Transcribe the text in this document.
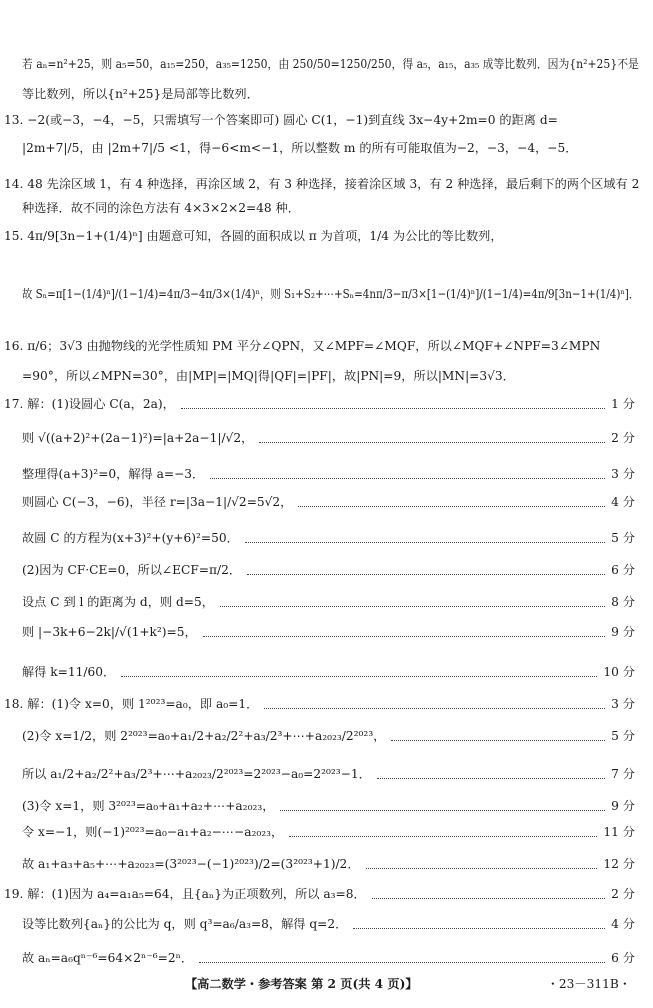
若 aₙ=n²+25，则 a₅=50，a₁₅=250，a₃₅=1250，由 250/50=1250/250，得 a₅，a₁₅，a₃₅ 成等比数列．因为{n²+25}不是
等比数列，所以{n²+25}是局部等比数列．
13. −2(或−3，−4，−5，只需填写一个答案即可) 圆心 C(1，−1)到直线 3x−4y+2m=0 的距离 d=
|2m+7|/5，由 |2m+7|/5 <1，得−6<m<−1，所以整数 m 的所有可能取值为−2，−3，−4，−5．
14. 48 先涂区域 1，有 4 种选择，再涂区域 2，有 3 种选择，接着涂区域 3，有 2 种选择，最后剩下的两个区域有 2
种选择．故不同的涂色方法有 4×3×2×2=48 种．
15. 4π/9[3n−1+(1/4)ⁿ] 由题意可知，各圆的面积成以 π 为首项，1/4 为公比的等比数列，
故 Sₙ=π[1−(1/4)ⁿ]/(1−1/4)=4π/3−4π/3×(1/4)ⁿ，则 S₁+S₂+⋯+Sₙ=4nπ/3−π/3×[1−(1/4)ⁿ]/(1−1/4)=4π/9[3n−1+(1/4)ⁿ]．
16. π/6；3√3 由抛物线的光学性质知 PM 平分∠QPN，又∠MPF=∠MQF，所以∠MQF+∠NPF=3∠MPN
=90°，所以∠MPN=30°，由|MP|=|MQ|得|QF|=|PF|，故|PN|=9，所以|MN|=3√3．
17. 解：(1)设圆心 C(a，2a)，	1 分
则 √((a+2)²+(2a−1)²)=|a+2a−1|/√2，	2 分
整理得(a+3)²=0，解得 a=−3．	3 分
则圆心 C(−3，−6)，半径 r=|3a−1|/√2=5√2，	4 分
故圆 C 的方程为(x+3)²+(y+6)²=50．	5 分
(2)因为 CF·CE=0，所以∠ECF=π/2．	6 分
设点 C 到 l 的距离为 d，则 d=5，	8 分
则 |−3k+6−2k|/√(1+k²)=5，	9 分
解得 k=11/60．	10 分
18. 解：(1)令 x=0，则 1²⁰²³=a₀，即 a₀=1．	3 分
(2)令 x=1/2，则 2²⁰²³=a₀+a₁/2+a₂/2²+a₃/2³+⋯+a₂₀₂₃/2²⁰²³，	5 分
所以 a₁/2+a₂/2²+a₃/2³+⋯+a₂₀₂₃/2²⁰²³=2²⁰²³−a₀=2²⁰²³−1．	7 分
(3)令 x=1，则 3²⁰²³=a₀+a₁+a₂+⋯+a₂₀₂₃，	9 分
令 x=−1，则(−1)²⁰²³=a₀−a₁+a₂−⋯−a₂₀₂₃，	11 分
故 a₁+a₃+a₅+⋯+a₂₀₂₃=(3²⁰²³−(−1)²⁰²³)/2=(3²⁰²³+1)/2．	12 分
19. 解：(1)因为 a₄=a₁a₅=64，且{aₙ}为正项数列，所以 a₃=8．	2 分
设等比数列{aₙ}的公比为 q，则 q³=a₆/a₃=8，解得 q=2．	4 分
故 aₙ=a₆qⁿ⁻⁶=64×2ⁿ⁻⁶=2ⁿ．	6 分
【高二数学・参考答案 第 2 页(共 4 页)】	・23－311B・
